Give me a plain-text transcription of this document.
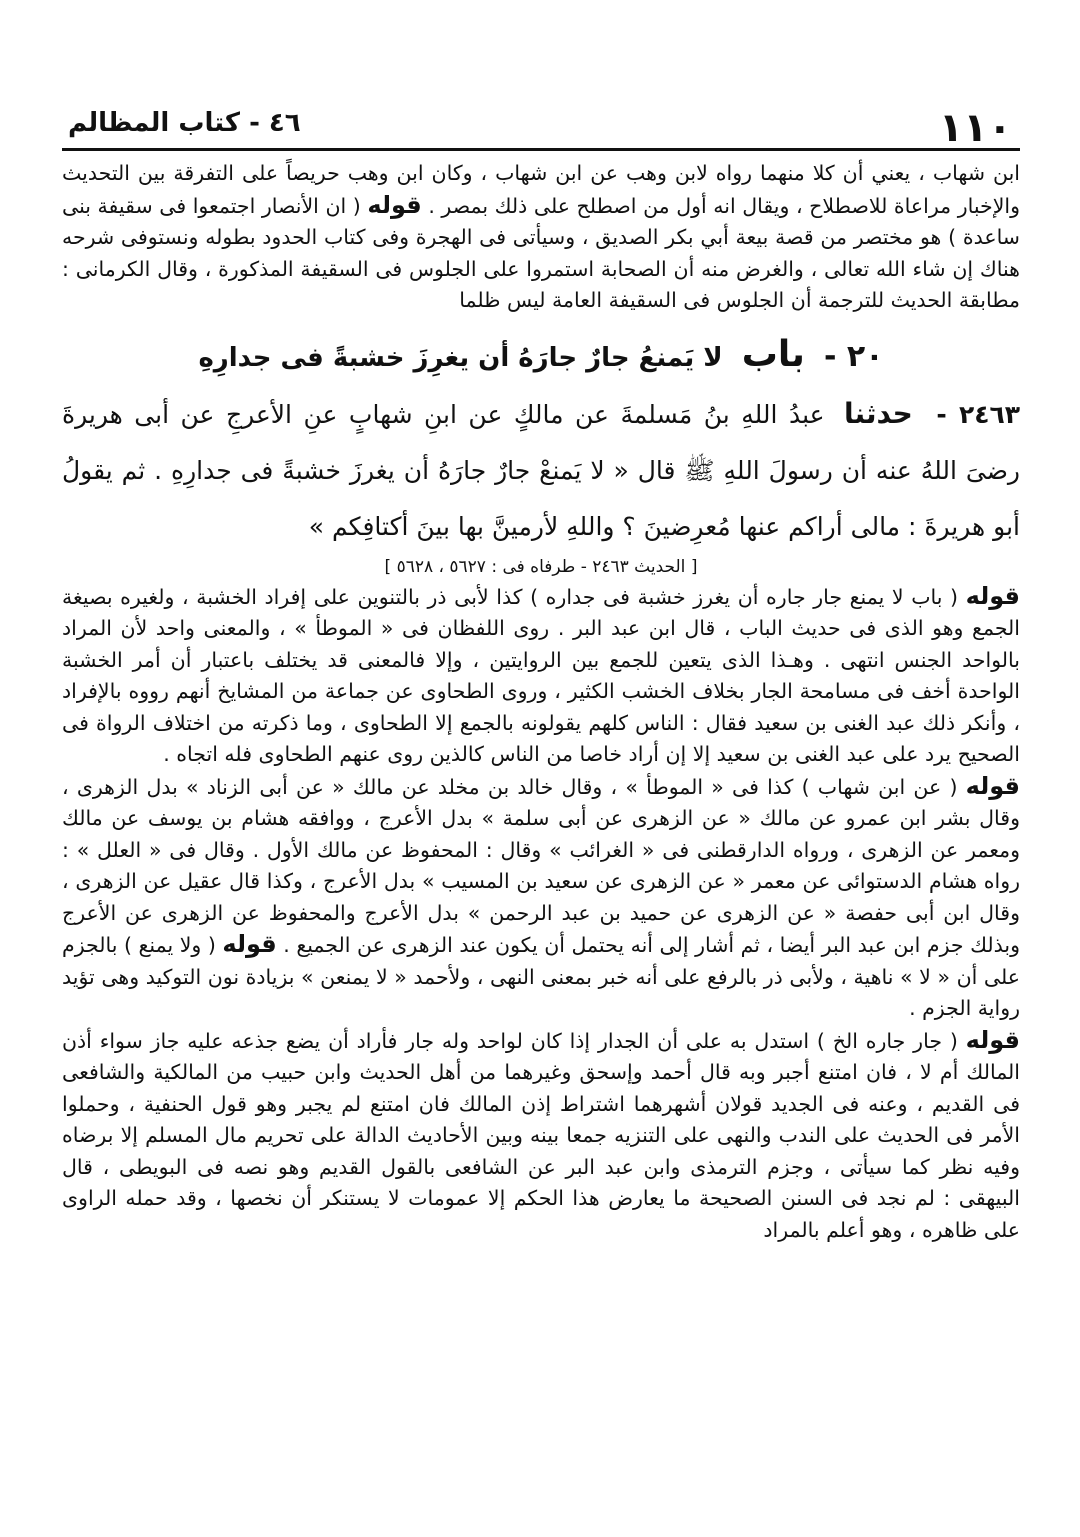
١١٠
٤٦ - كتاب المظالم

ابن شهاب ، يعني أن كلا منهما رواه لابن وهب عن ابن شهاب ، وكان ابن وهب حريصاً على التفرقة بين التحديث والإخبار مراعاة للاصطلاح ، ويقال انه أول من اصطلح على ذلك بمصر . قوله ( ان الأنصار اجتمعوا فى سقيفة بنى ساعدة ) هو مختصر من قصة بيعة أبي بكر الصديق ، وسيأتى فى الهجرة وفى كتاب الحدود بطوله ونستوفى شرحه هناك إن شاء الله تعالى ، والغرض منه أن الصحابة استمروا على الجلوس فى السقيفة المذكورة ، وقال الكرمانى : مطابقة الحديث للترجمة أن الجلوس فى السقيفة العامة ليس ظلما

٢٠ - باب لا يَمنعُ جارٌ جارَهُ أن يغرِزَ خشبةً فى جدارِهِ

٢٤٦٣ - حدثنا عبدُ اللهِ بنُ مَسلمةَ عن مالكٍ عن ابنِ شهابٍ عنِ الأعرجِ عن أبى هريرةَ رضىَ اللهُ عنه أن رسولَ اللهِ ﷺ قال « لا يَمنعْ جارٌ جارَهُ أن يغرزَ خشبةً فى جدارِهِ . ثم يقولُ أبو هريرةَ : مالى أراكم عنها مُعرِضينَ ؟ واللهِ لأرمينَّ بها بينَ أكتافِكم »

[ الحديث ٢٤٦٣ - طرفاه فى : ٥٦٢٧ ، ٥٦٢٨ ]

قوله ( باب لا يمنع جار جاره أن يغرز خشبة فى جداره ) كذا لأبى ذر بالتنوين على إفراد الخشبة ، ولغيره بصيغة الجمع وهو الذى فى حديث الباب ، قال ابن عبد البر . روى اللفظان فى « الموطأ » ، والمعنى واحد لأن المراد بالواحد الجنس انتهى . وهـذا الذى يتعين للجمع بين الروايتين ، وإلا فالمعنى قد يختلف باعتبار أن أمر الخشبة الواحدة أخف فى مسامحة الجار بخلاف الخشب الكثير ، وروى الطحاوى عن جماعة من المشايخ أنهم رووه بالإفراد ، وأنكر ذلك عبد الغنى بن سعيد فقال : الناس كلهم يقولونه بالجمع إلا الطحاوى ، وما ذكرته من اختلاف الرواة فى الصحيح يرد على عبد الغنى بن سعيد إلا إن أراد خاصا من الناس كالذين روى عنهم الطحاوى فله اتجاه .

قوله ( عن ابن شهاب ) كذا فى « الموطأ » ، وقال خالد بن مخلد عن مالك « عن أبى الزناد » بدل الزهرى ، وقال بشر ابن عمرو عن مالك « عن الزهرى عن أبى سلمة » بدل الأعرج ، ووافقه هشام بن يوسف عن مالك ومعمر عن الزهرى ، ورواه الدارقطنى فى « الغرائب » وقال : المحفوظ عن مالك الأول . وقال فى « العلل » : رواه هشام الدستوائى عن معمر « عن الزهرى عن سعيد بن المسيب » بدل الأعرج ، وكذا قال عقيل عن الزهرى ، وقال ابن أبى حفصة « عن الزهرى عن حميد بن عبد الرحمن » بدل الأعرج والمحفوظ عن الزهرى عن الأعرج وبذلك جزم ابن عبد البر أيضا ، ثم أشار إلى أنه يحتمل أن يكون عند الزهرى عن الجميع . قوله ( ولا يمنع ) بالجزم على أن « لا » ناهية ، ولأبى ذر بالرفع على أنه خبر بمعنى النهى ، ولأحمد « لا يمنعن » بزيادة نون التوكيد وهى تؤيد رواية الجزم .

قوله ( جار جاره الخ ) استدل به على أن الجدار إذا كان لواحد وله جار فأراد أن يضع جذعه عليه جاز سواء أذن المالك أم لا ، فان امتنع أجبر وبه قال أحمد وإسحق وغيرهما من أهل الحديث وابن حبيب من المالكية والشافعى فى القديم ، وعنه فى الجديد قولان أشهرهما اشتراط إذن المالك فان امتنع لم يجبر وهو قول الحنفية ، وحملوا الأمر فى الحديث على الندب والنهى على التنزيه جمعا بينه وبين الأحاديث الدالة على تحريم مال المسلم إلا برضاه وفيه نظر كما سيأتى ، وجزم الترمذى وابن عبد البر عن الشافعى بالقول القديم وهو نصه فى البويطى ، قال البيهقى : لم نجد فى السنن الصحيحة ما يعارض هذا الحكم إلا عمومات لا يستنكر أن نخصها ، وقد حمله الراوى على ظاهره ، وهو أعلم بالمراد
